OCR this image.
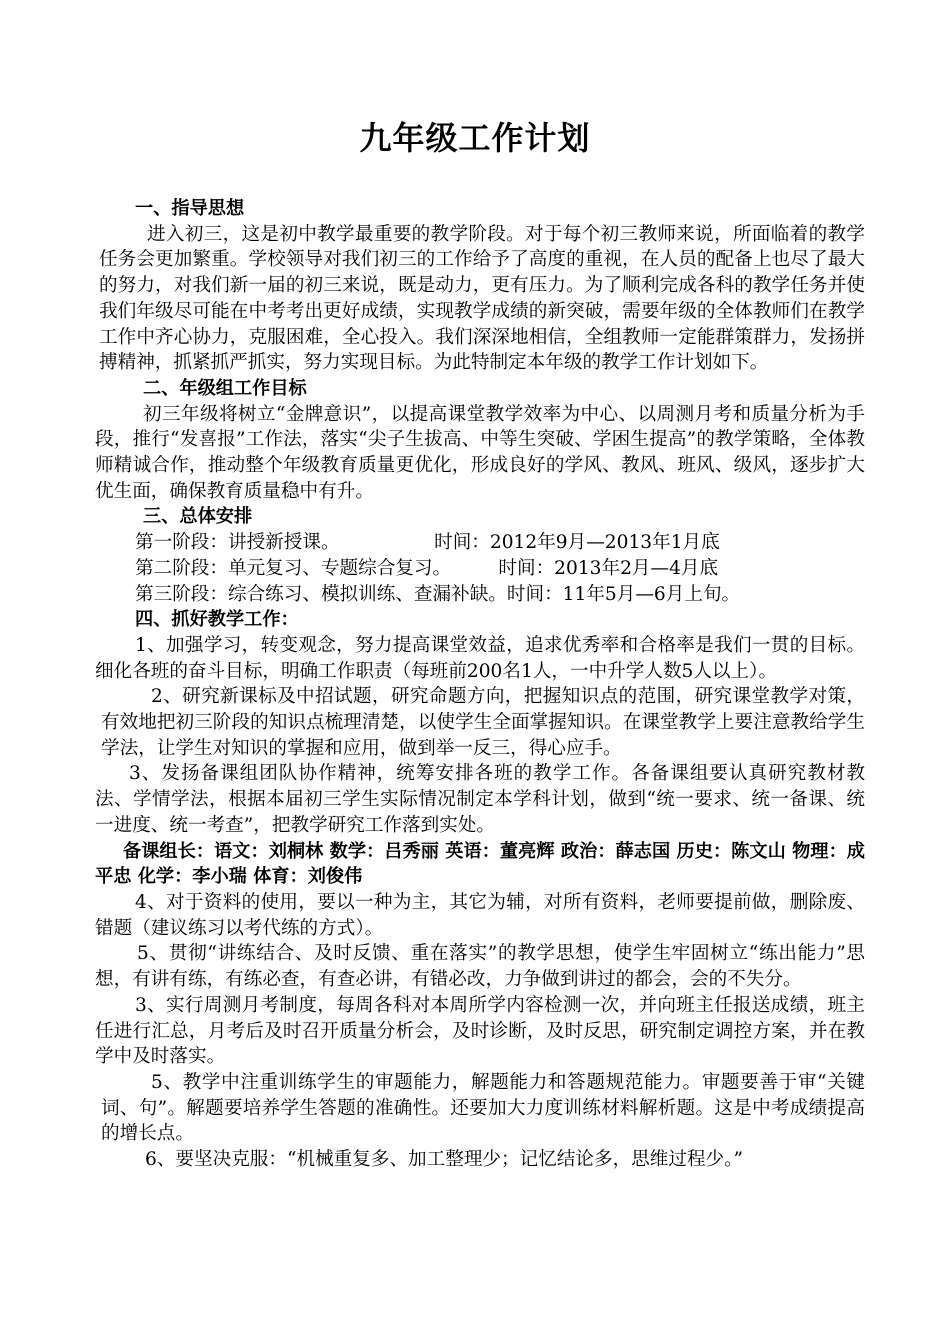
九年级工作计划

一、指导思想

进入初三，这是初中教学最重要的教学阶段。对于每个初三教师来说，所面临着的教学任务会更加繁重。学校领导对我们初三的工作给予了高度的重视，在人员的配备上也尽了最大的努力，对我们新一届的初三来说，既是动力，更有压力。为了顺利完成各科的教学任务并使我们年级尽可能在中考考出更好成绩，实现教学成绩的新突破，需要年级的全体教师们在教学工作中齐心协力，克服困难，全心投入。我们深深地相信，全组教师一定能群策群力，发扬拼搏精神，抓紧抓严抓实，努力实现目标。为此特制定本年级的教学工作计划如下。

二、年级组工作目标

初三年级将树立“金牌意识”，以提高课堂教学效率为中心、以周测月考和质量分析为手段，推行“发喜报”工作法，落实“尖子生拔高、中等生突破、学困生提高”的教学策略，全体教师精诚合作，推动整个年级教育质量更优化，形成良好的学风、教风、班风、级风，逐步扩大优生面，确保教育质量稳中有升。

三、总体安排

第一阶段：讲授新授课。                时间：2012年9月—2013年1月底

第二阶段：单元复习、专题综合复习。        时间：2013年2月—4月底

第三阶段：综合练习、模拟训练、查漏补缺。时间：11年5月—6月上旬。

四、抓好教学工作：

1、加强学习，转变观念，努力提高课堂效益，追求优秀率和合格率是我们一贯的目标。细化各班的奋斗目标，明确工作职责（每班前200名1人，一中升学人数5人以上）。

2、研究新课标及中招试题，研究命题方向，把握知识点的范围，研究课堂教学对策，有效地把初三阶段的知识点梳理清楚，以使学生全面掌握知识。在课堂教学上要注意教给学生学法，让学生对知识的掌握和应用，做到举一反三，得心应手。

3、发扬备课组团队协作精神，统筹安排各班的教学工作。各备课组要认真研究教材教法、学情学法，根据本届初三学生实际情况制定本学科计划，做到“统一要求、统一备课、统一进度、统一考查”，把教学研究工作落到实处。

备课组长：语文：刘桐林 数学：吕秀丽 英语：董亮辉 政治：薛志国 历史：陈文山 物理：成平忠 化学：李小瑞 体育：刘俊伟

4、对于资料的使用，要以一种为主，其它为辅，对所有资料，老师要提前做，删除废、错题（建议练习以考代练的方式）。

5、贯彻“讲练结合、及时反馈、重在落实”的教学思想，使学生牢固树立“练出能力”思想，有讲有练，有练必查，有查必讲，有错必改，力争做到讲过的都会，会的不失分。

3、实行周测月考制度，每周各科对本周所学内容检测一次，并向班主任报送成绩，班主任进行汇总，月考后及时召开质量分析会，及时诊断，及时反思，研究制定调控方案，并在教学中及时落实。

5、教学中注重训练学生的审题能力，解题能力和答题规范能力。审题要善于审“关键词、句”。解题要培养学生答题的准确性。还要加大力度训练材料解析题。这是中考成绩提高的增长点。

6、要坚决克服：“机械重复多、加工整理少；记忆结论多，思维过程少。”
